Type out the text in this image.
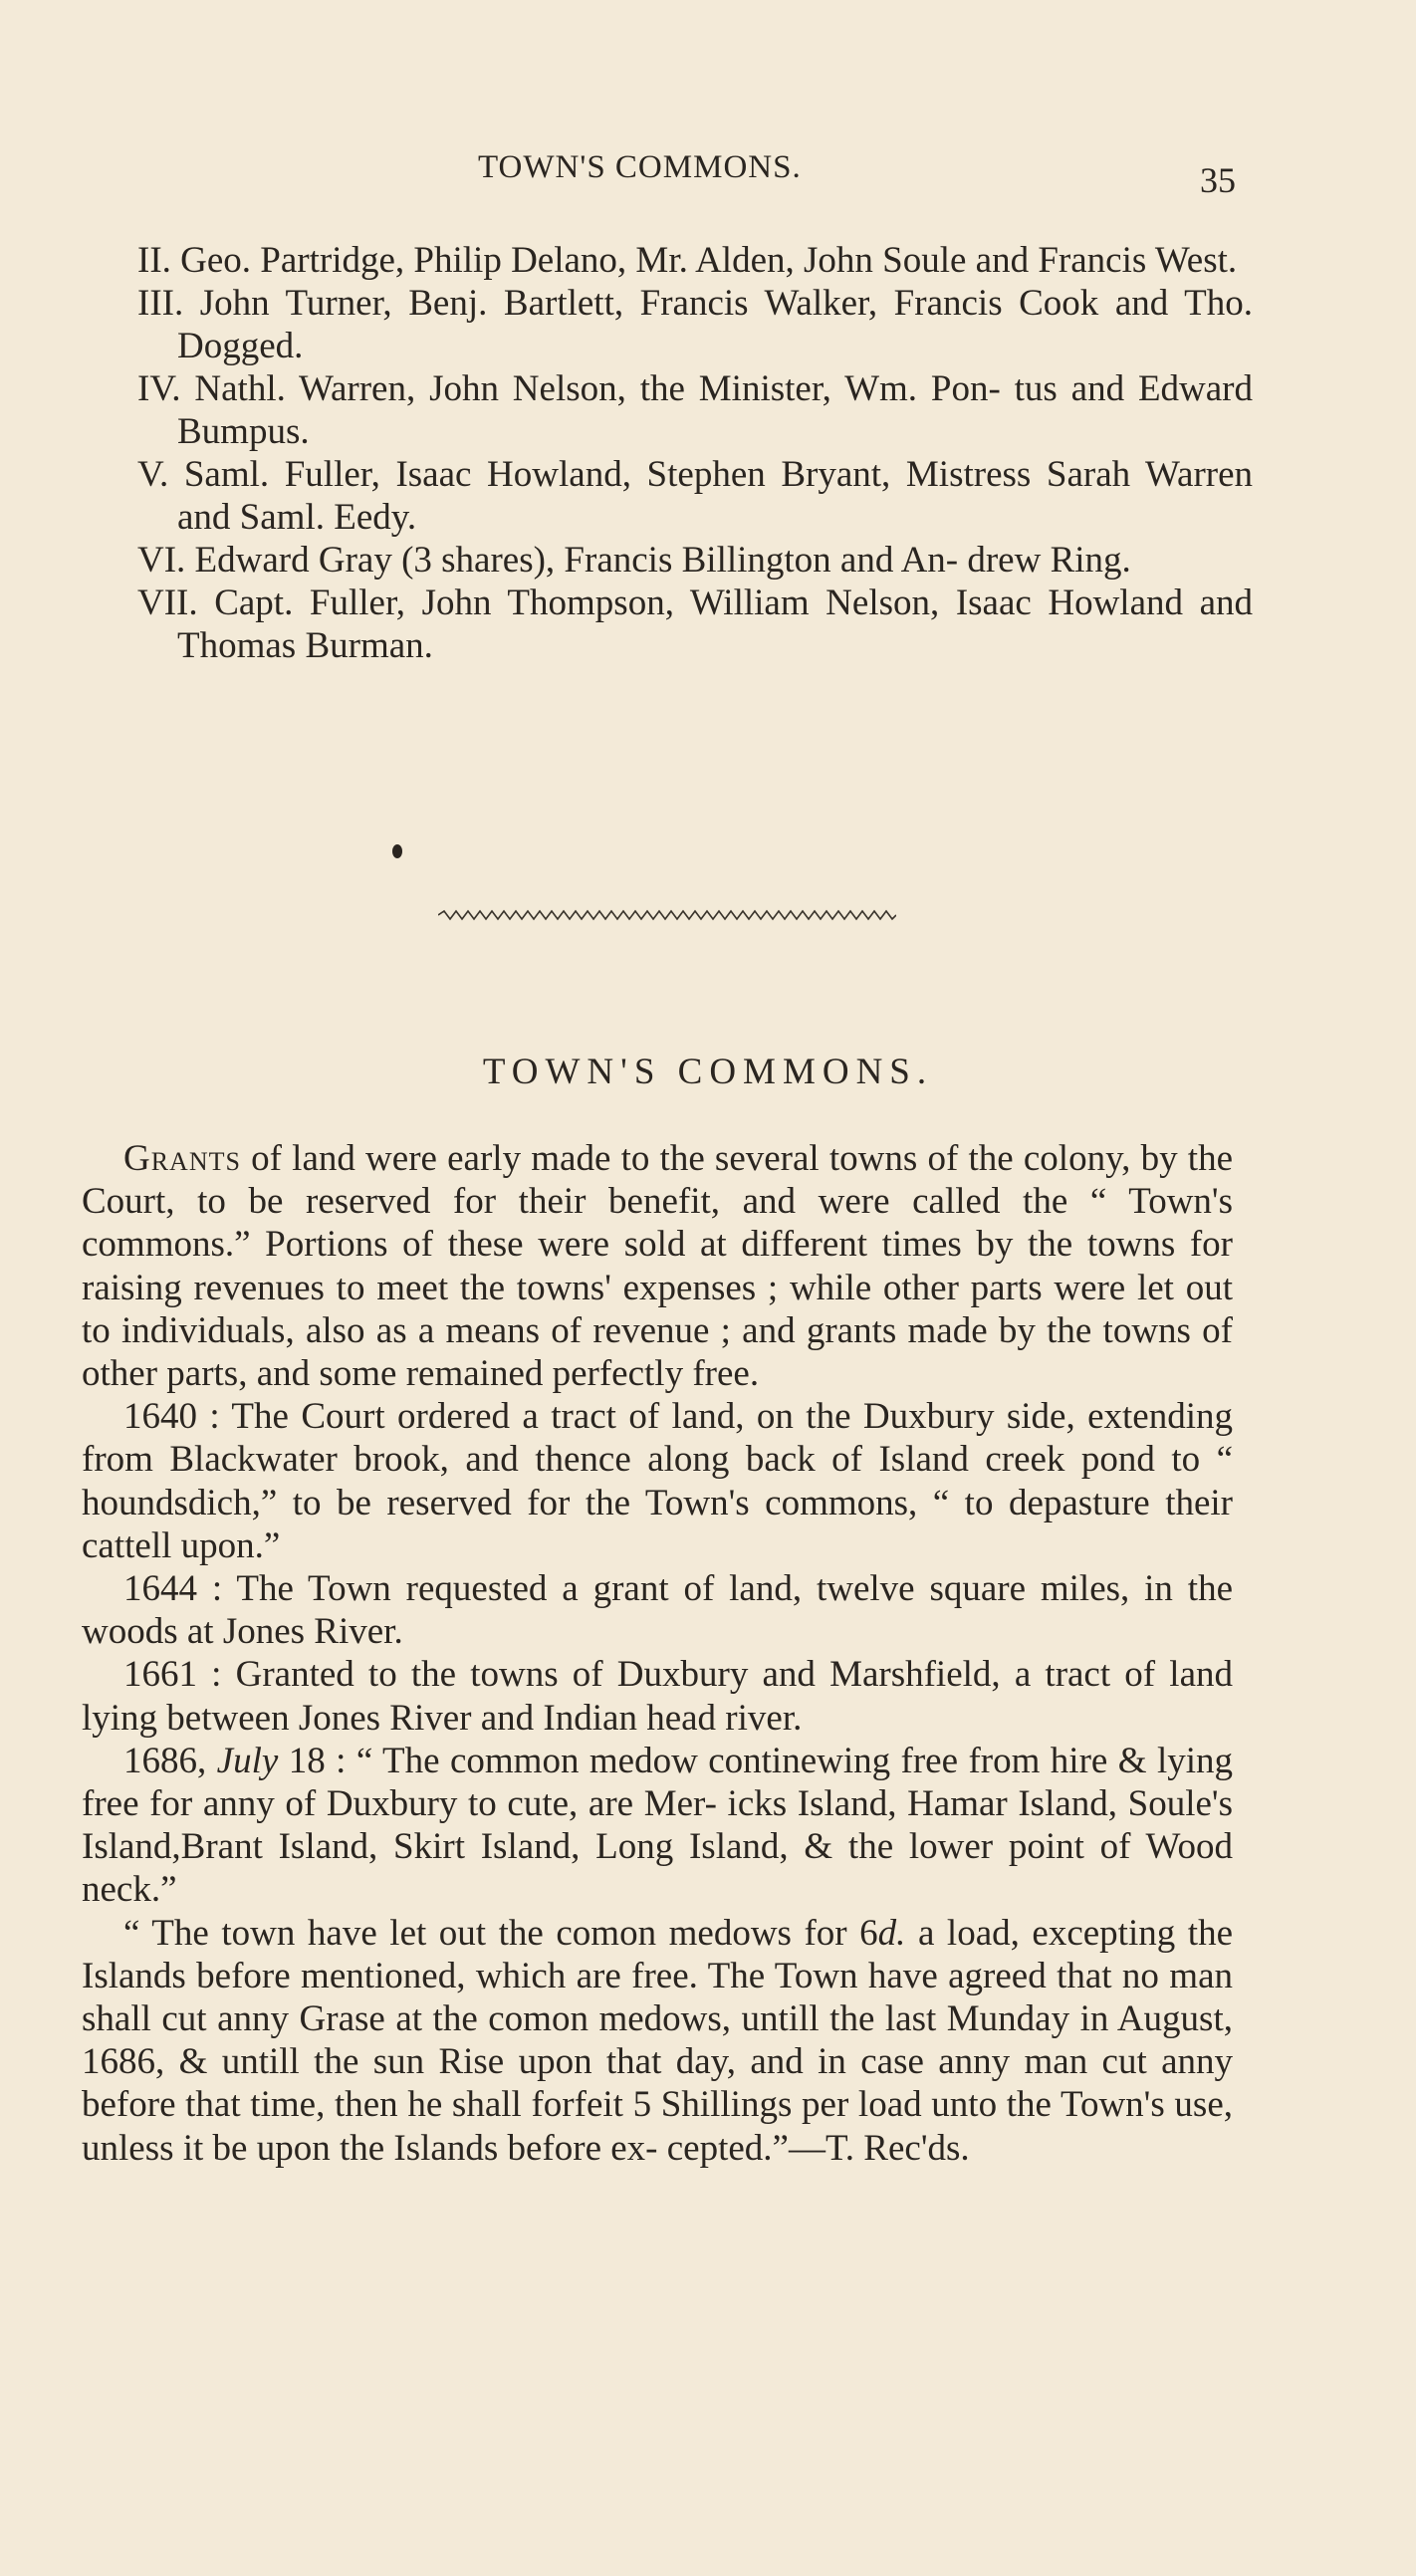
TOWN'S COMMONS.	35
II. Geo. Partridge, Philip Delano, Mr. Alden, John Soule and Francis West.
III. John Turner, Benj. Bartlett, Francis Walker, Francis Cook and Tho. Dogged.
IV. Nathl. Warren, John Nelson, the Minister, Wm. Pon- tus and Edward Bumpus.
V. Saml. Fuller, Isaac Howland, Stephen Bryant, Mistress Sarah Warren and Saml. Eedy.
VI. Edward Gray (3 shares), Francis Billington and An- drew Ring.
VII. Capt. Fuller, John Thompson, William Nelson, Isaac Howland and Thomas Burman.
TOWN'S COMMONS.

Grants of land were early made to the several towns of the colony, by the Court, to be reserved for their benefit, and were called the “ Town's commons.” Portions of these were sold at different times by the towns for raising revenues to meet the towns' expenses ; while other parts were let out to individuals, also as a means of revenue ; and grants made by the towns of other parts, and some remained perfectly free.

1640 : The Court ordered a tract of land, on the Duxbury side, extending from Blackwater brook, and thence along back of Island creek pond to “ houndsdich,” to be reserved for the Town's commons, “ to depasture their cattell upon.”

1644 : The Town requested a grant of land, twelve square miles, in the woods at Jones River.

1661 : Granted to the towns of Duxbury and Marshfield, a tract of land lying between Jones River and Indian head river.

1686, July 18 : “ The common medow continewing free from hire & lying free for anny of Duxbury to cute, are Mer- icks Island, Hamar Island, Soule's Island,Brant Island, Skirt Island, Long Island, & the lower point of Wood neck.”

“ The town have let out the comon medows for 6d. a load, excepting the Islands before mentioned, which are free. The Town have agreed that no man shall cut anny Grase at the comon medows, untill the last Munday in August, 1686, & untill the sun Rise upon that day, and in case anny man cut anny before that time, then he shall forfeit 5 Shillings per load unto the Town's use, unless it be upon the Islands before ex- cepted.”—T. Rec'ds.
